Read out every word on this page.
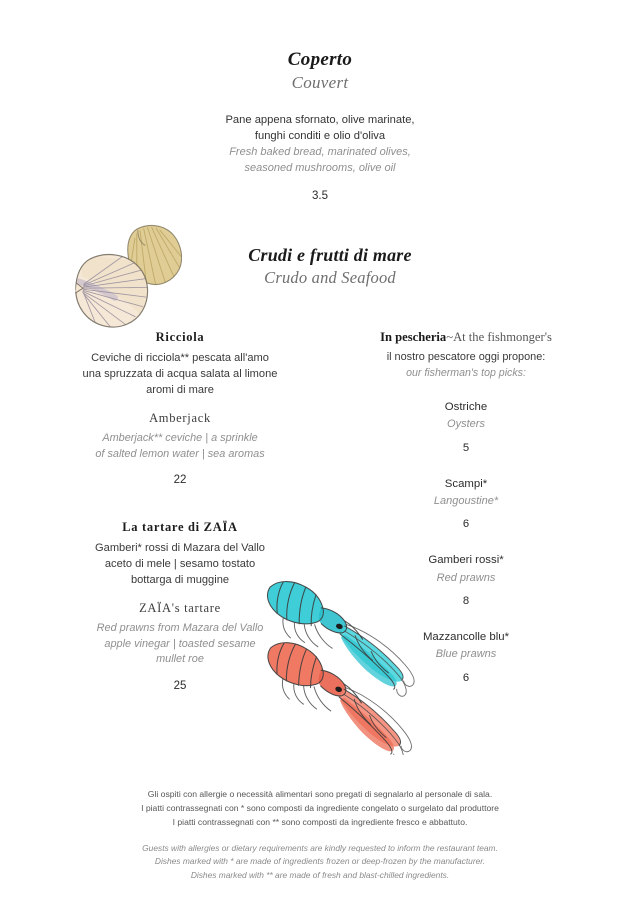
Coperto
Couvert
Pane appena sfornato, olive marinate,
funghi conditi e olio d'oliva
Fresh baked bread, marinated olives,
seasoned mushrooms, olive oil
3.5
Crudi e frutti di mare
Crudo and Seafood
Ricciola
Ceviche di ricciola** pescata all'amo
una spruzzata di acqua salata al limone
aromi di mare
Amberjack
Amberjack** ceviche | a sprinkle
of salted lemon water | sea aromas
22
La tartare di ZAÏA
Gamberi* rossi di Mazara del Vallo
aceto di mele | sesamo tostato
bottarga di muggine
ZAÏA's tartare
Red prawns from Mazara del Vallo
apple vinegar | toasted sesame
mullet roe
25
In pescheria~At the fishmonger's
il nostro pescatore oggi propone:
our fisherman's top picks:
Ostriche
Oysters
5
Scampi*
Langoustine*
6
Gamberi rossi*
Red prawns
8
Mazzancolle blu*
Blue prawns
6

Gli ospiti con allergie o necessità alimentari sono pregati di segnalarlo al personale di sala.

I piatti contrassegnati con * sono composti da ingrediente congelato o surgelato dal produttore

I piatti contrassegnati con ** sono composti da ingrediente fresco e abbattuto.

Guests with allergies or dietary requirements are kindly requested to inform the restaurant team.

Dishes marked with * are made of ingredients frozen or deep-frozen by the manufacturer.

Dishes marked with ** are made of fresh and blast-chilled ingredients.
